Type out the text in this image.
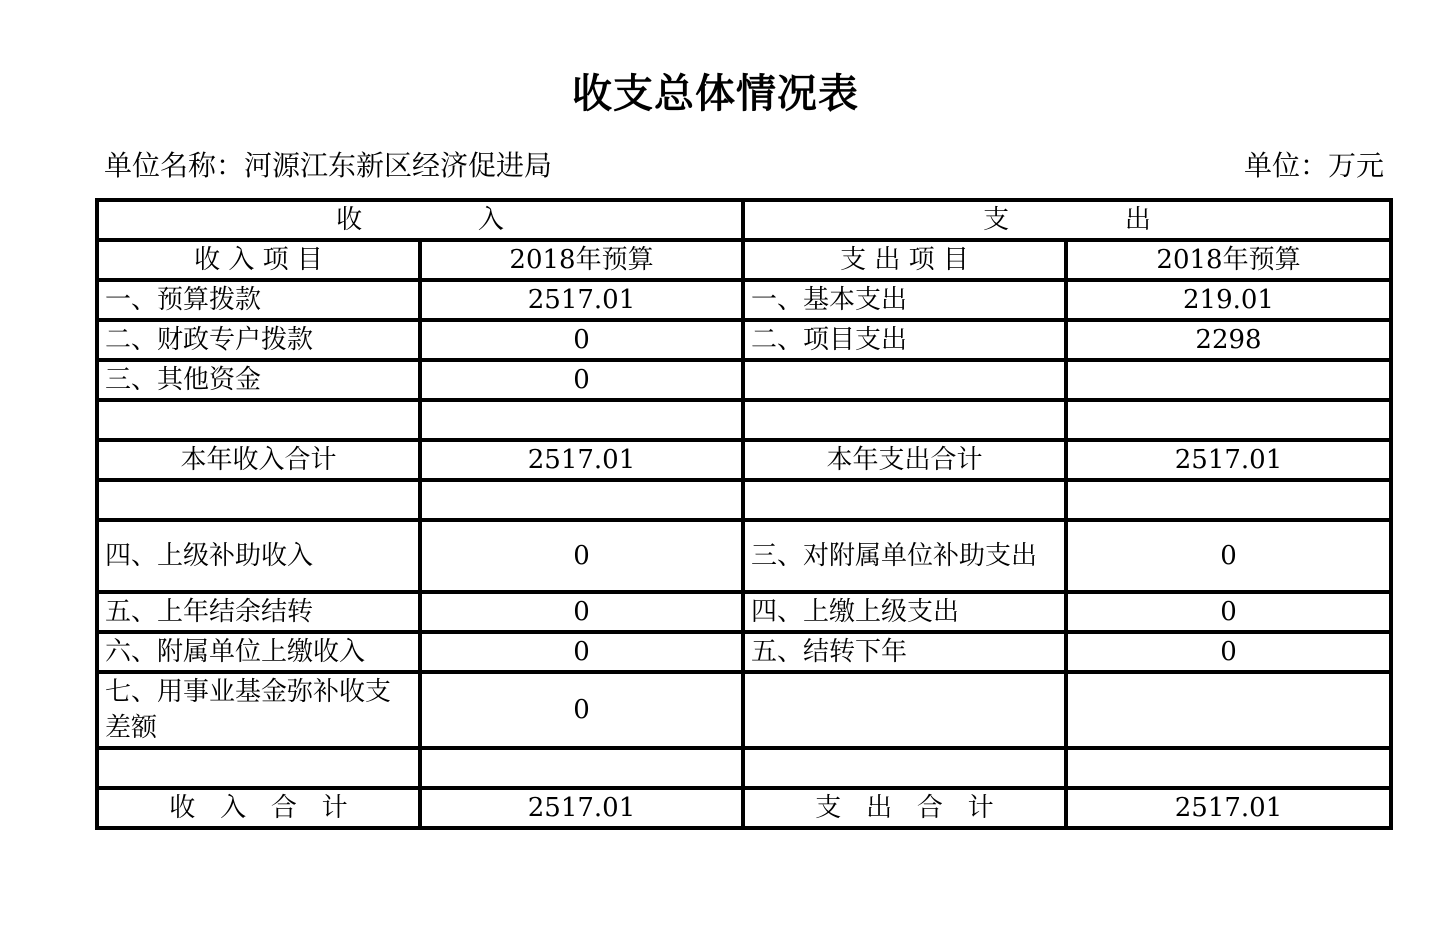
收支总体情况表
单位名称：河源江东新区经济促进局	单位：万元
收              入		支              出	
收 入 项 目	2018年预算	支 出 项 目	2018年预算
一、预算拨款	2517.01	一、基本支出	219.01
二、财政专户拨款	0	二、项目支出	2298
三、其他资金	0		

本年收入合计	2517.01	本年支出合计	2517.01

四、上级补助收入	0	三、对附属单位补助支出	0
五、上年结余结转	0	四、上缴上级支出	0
六、附属单位上缴收入	0	五、结转下年	0
七、用事业基金弥补收支差额	0		

收   入   合   计	2517.01	支   出   合   计	2517.01
